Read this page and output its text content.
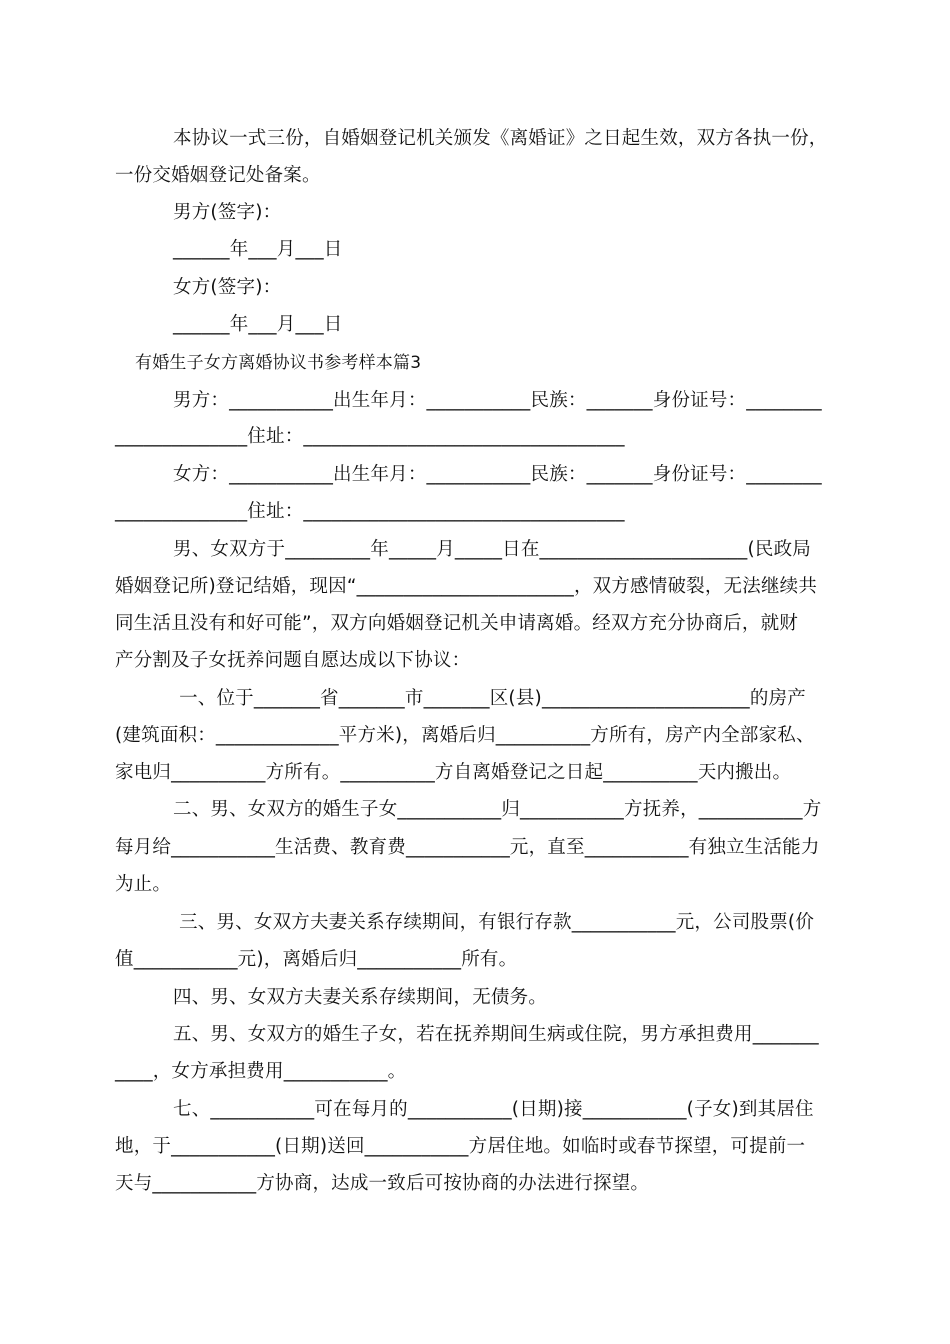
本协议一式三份，自婚姻登记机关颁发《离婚证》之日起生效，双方各执一份，
一份交婚姻登记处备案。
男方(签字)：
______年___月___日
女方(签字)：
______年___月___日
有婚生子女方离婚协议书参考样本篇3
男方：___________出生年月：___________民族：_______身份证号：________
______________住址：__________________________________
女方：___________出生年月：___________民族：_______身份证号：________
______________住址：__________________________________
男、女双方于_________年_____月_____日在______________________(民政局
婚姻登记所)登记结婚，现因“_______________________，双方感情破裂，无法继续共
同生活且没有和好可能”，双方向婚姻登记机关申请离婚。经双方充分协商后，就财
产分割及子女抚养问题自愿达成以下协议：
一、位于_______省_______市_______区(县)______________________的房产
(建筑面积：_____________平方米)，离婚后归__________方所有，房产内全部家私、
家电归__________方所有。__________方自离婚登记之日起__________天内搬出。
二、男、女双方的婚生子女___________归___________方抚养，___________方
每月给___________生活费、教育费___________元，直至___________有独立生活能力
为止。
三、男、女双方夫妻关系存续期间，有银行存款___________元，公司股票(价
值___________元)，离婚后归___________所有。
四、男、女双方夫妻关系存续期间，无债务。
五、男、女双方的婚生子女，若在抚养期间生病或住院，男方承担费用_______
____，女方承担费用___________。
七、___________可在每月的___________(日期)接___________(子女)到其居住
地，于___________(日期)送回___________方居住地。如临时或春节探望，可提前一
天与___________方协商，达成一致后可按协商的办法进行探望。
